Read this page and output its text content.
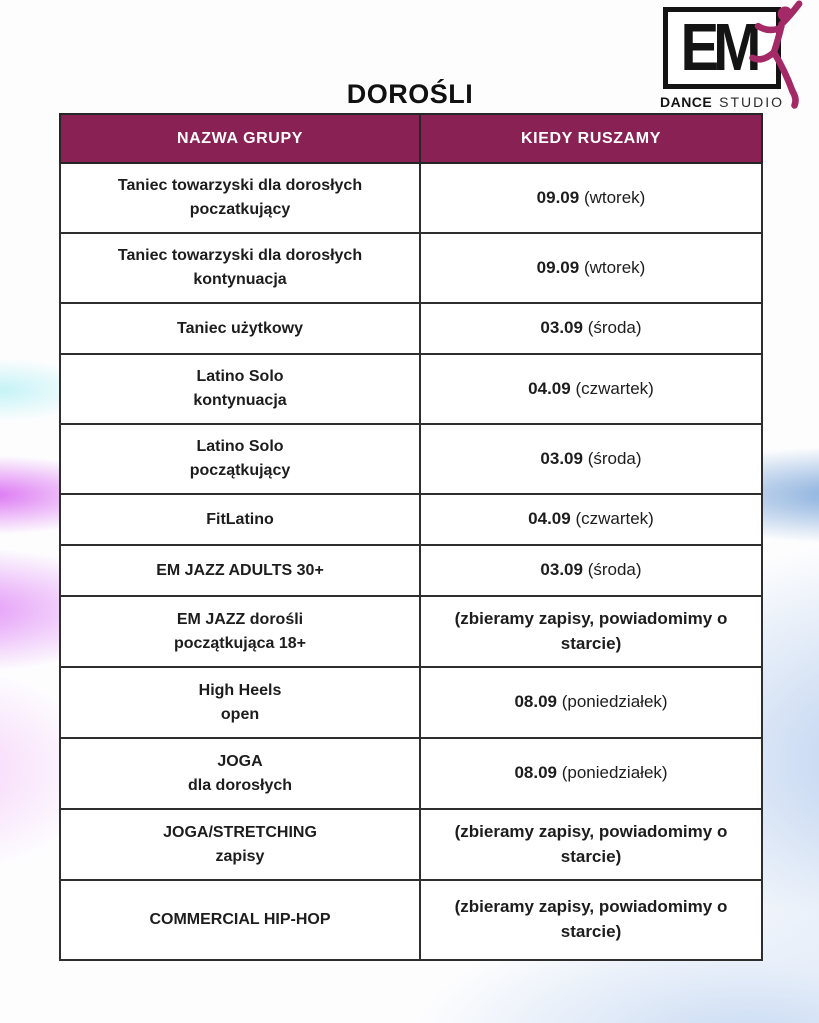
EM
DANCE STUDIO
DOROŚLI
NAZWA GRUPY	KIEDY RUSZAMY

Taniec towarzyski dla dorosłych
poczatkujący	09.09 (wtorek)

Taniec towarzyski dla dorosłych
kontynuacja	09.09 (wtorek)

Taniec użytkowy	03.09 (środa)

Latino Solo
kontynuacja	04.09 (czwartek)

Latino Solo
początkujący	03.09 (środa)

FitLatino	04.09 (czwartek)

EM JAZZ ADULTS 30+	03.09 (środa)

EM JAZZ dorośli
początkująca 18+	(zbieramy zapisy, powiadomimy o starcie)

High Heels
open	08.09 (poniedziałek)

JOGA
dla dorosłych	08.09 (poniedziałek)

JOGA/STRETCHING
zapisy	(zbieramy zapisy, powiadomimy o starcie)

COMMERCIAL HIP-HOP	(zbieramy zapisy, powiadomimy o starcie)
